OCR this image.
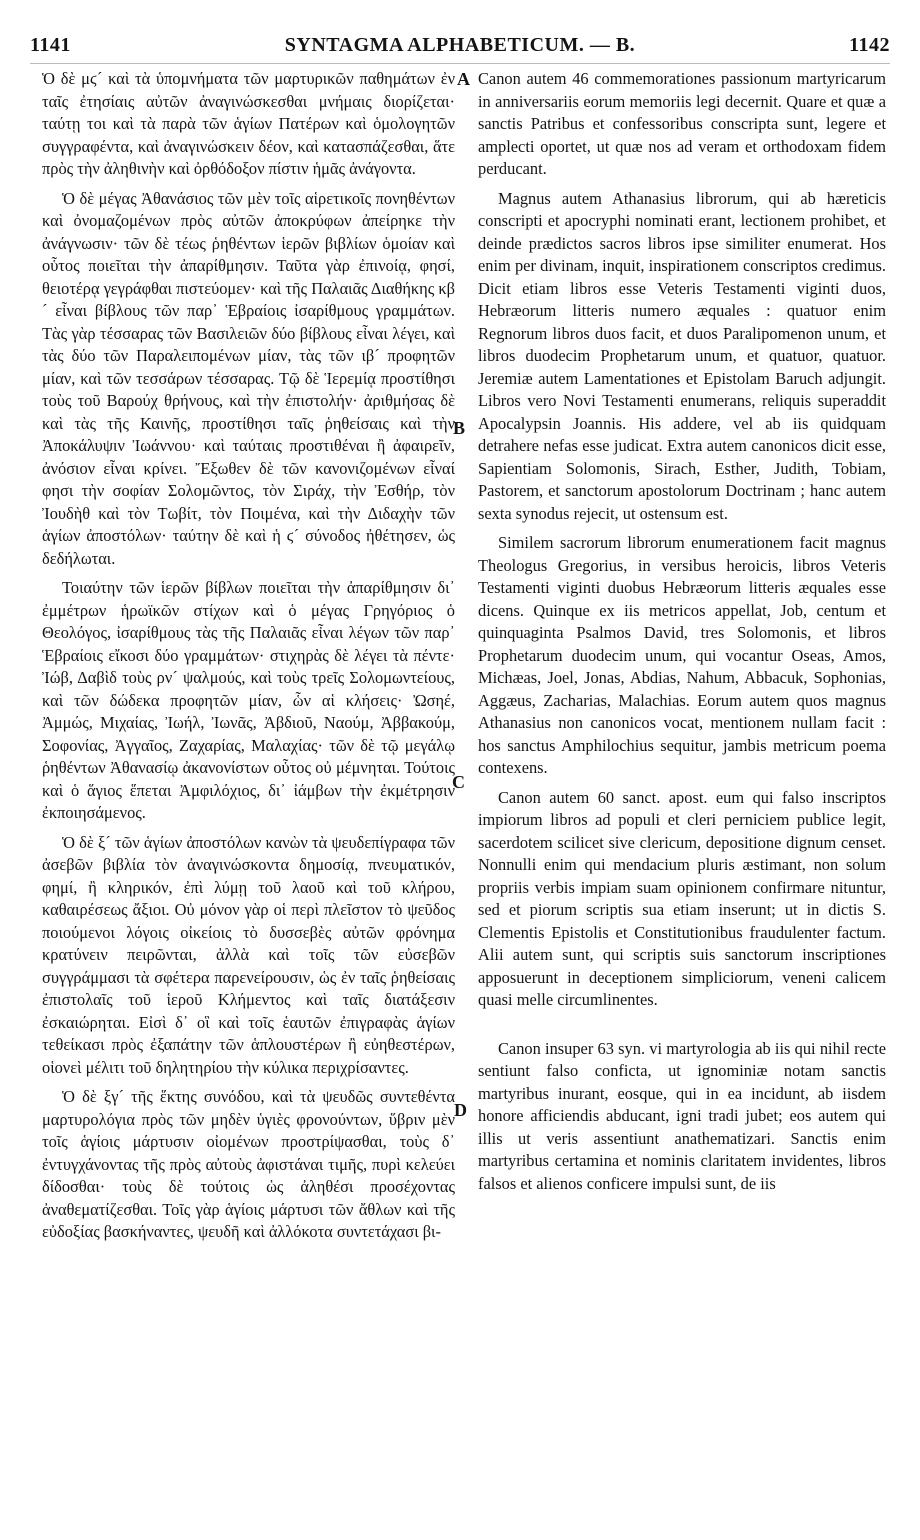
1141	SYNTAGMA ALPHABETICUM. — B.	1142

Ὁ δὲ μϛ´ καὶ τὰ ὑπομνήματα τῶν μαρτυρικῶν παθημάτων ἐν ταῖς ἐτησίαις αὐτῶν ἀναγινώσκεσθαι μνήμαις διορίζεται· ταύτῃ τοι καὶ τὰ παρὰ τῶν ἁγίων Πατέρων καὶ ὁμολογητῶν συγγραφέντα, καὶ ἀναγινώσκειν δέον, καὶ κατασπάζεσθαι, ἅτε πρὸς τὴν ἀληθινὴν καὶ ὀρθόδοξον πίστιν ἡμᾶς ἀνάγοντα.

Ὁ δὲ μέγας Ἀθανάσιος τῶν μὲν τοῖς αἱρετικοῖς πονηθέντων καὶ ὀνομαζομένων πρὸς αὐτῶν ἀποκρύφων ἀπείρηκε τὴν ἀνάγνωσιν· τῶν δὲ τέως ῥηθέντων ἱερῶν βιβλίων ὁμοίαν καὶ οὗτος ποιεῖται τὴν ἀπαρίθμησιν. Ταῦτα γὰρ ἐπινοίᾳ, φησί, θειοτέρᾳ γεγράφθαι πιστεύομεν· καὶ τῆς Παλαιᾶς Διαθήκης κβ´ εἶναι βίβλους τῶν παρ᾽ Ἑβραίοις ἰσαρίθμους γραμμάτων. Τὰς γὰρ τέσσαρας τῶν Βασιλειῶν δύο βίβλους εἶναι λέγει, καὶ τὰς δύο τῶν Παραλειπομένων μίαν, τὰς τῶν ιβ´ προφητῶν μίαν, καὶ τῶν τεσσάρων τέσσαρας. Τῷ δὲ Ἱερεμίᾳ προστίθησι τοὺς τοῦ Βαρούχ θρήνους, καὶ τὴν ἐπιστολήν· ἀριθμήσας δὲ καὶ τὰς τῆς Καινῆς, προστίθησι ταῖς ῥηθείσαις καὶ τὴν Ἀποκάλυψιν Ἰωάννου· καὶ ταύταις προστιθέναι ἢ ἀφαιρεῖν, ἀνόσιον εἶναι κρίνει. Ἔξωθεν δὲ τῶν κανονιζομένων εἶναί φησι τὴν σοφίαν Σολομῶντος, τὸν Σιράχ, τὴν Ἐσθήρ, τὸν Ἰουδὴθ καὶ τὸν Τωβίτ, τὸν Ποιμένα, καὶ τὴν Διδαχὴν τῶν ἁγίων ἀποστόλων· ταύτην δὲ καὶ ἡ ϛ´ σύνοδος ἠθέτησεν, ὡς δεδήλωται.

Τοιαύτην τῶν ἱερῶν βίβλων ποιεῖται τὴν ἀπαρίθμησιν δι᾽ ἐμμέτρων ἡρωϊκῶν στίχων καὶ ὁ μέγας Γρηγόριος ὁ Θεολόγος, ἰσαρίθμους τὰς τῆς Παλαιᾶς εἶναι λέγων τῶν παρ᾽ Ἑβραίοις εἴκοσι δύο γραμμάτων· στιχηρὰς δὲ λέγει τὰ πέντε· Ἰώβ, Δαβὶδ τοὺς ρν´ ψαλμούς, καὶ τοὺς τρεῖς Σολομωντείους, καὶ τῶν δώδεκα προφητῶν μίαν, ὧν αἱ κλήσεις· Ὠσηέ, Ἀμμώς, Μιχαίας, Ἰωήλ, Ἰωνᾶς, Ἀβδιοῦ, Ναούμ, Ἀββακούμ, Σοφονίας, Ἀγγαῖος, Ζαχαρίας, Μαλαχίας· τῶν δὲ τῷ μεγάλῳ ῥηθέντων Ἀθανασίῳ ἀκανονίστων οὗτος οὐ μέμνηται. Τούτοις καὶ ὁ ἅγιος ἕπεται Ἀμφιλόχιος, δι᾽ ἰάμβων τὴν ἐκμέτρησιν ἐκποιησάμενος.

Ὁ δὲ ξ´ τῶν ἁγίων ἀποστόλων κανὼν τὰ ψευδεπίγραφα τῶν ἀσεβῶν βιβλία τὸν ἀναγινώσκοντα δημοσίᾳ, πνευματικόν, φημί, ἢ κληρικόν, ἐπὶ λύμῃ τοῦ λαοῦ καὶ τοῦ κλήρου, καθαιρέσεως ἄξιοι. Οὐ μόνον γὰρ οἱ περὶ πλεῖστον τὸ ψεῦδος ποιούμενοι λόγοις οἰκείοις τὸ δυσσεβὲς αὐτῶν φρόνημα κρατύνειν πειρῶνται, ἀλλὰ καὶ τοῖς τῶν εὐσεβῶν συγγράμμασι τὰ σφέτερα παρενείρουσιν, ὡς ἐν ταῖς ῥηθείσαις ἐπιστολαῖς τοῦ ἱεροῦ Κλήμεντος καὶ ταῖς διατάξεσιν ἐσκαιώρηται. Εἰσὶ δ᾽ οἳ καὶ τοῖς ἑαυτῶν ἐπιγραφὰς ἁγίων τεθείκασι πρὸς ἐξαπάτην τῶν ἁπλουστέρων ἢ εὐηθεστέρων, οἱονεὶ μέλιτι τοῦ δηλητηρίου τὴν κύλικα περιχρίσαντες.

Ὁ δὲ ξγ´ τῆς ἕκτης συνόδου, καὶ τὰ ψευδῶς συντεθέντα μαρτυρολόγια πρὸς τῶν μηδὲν ὑγιὲς φρονούντων, ὕβριν μὲν τοῖς ἁγίοις μάρτυσιν οἰομένων προστρίψασθαι, τοὺς δ᾽ ἐντυγχάνοντας τῆς πρὸς αὐτοὺς ἀφιστάναι τιμῆς, πυρὶ κελεύει δίδοσθαι· τοὺς δὲ τούτοις ὡς ἀληθέσι προσέχοντας ἀναθεματίζεσθαι. Τοῖς γὰρ ἁγίοις μάρτυσι τῶν ἄθλων καὶ τῆς εὐδοξίας βασκήναντες, ψευδῆ καὶ ἀλλόκοτα συντετάχασι βι-

A
B
C
D

Canon autem 46 commemorationes passionum martyricarum in anniversariis eorum memoriis legi decernit. Quare et quæ a sanctis Patribus et confessoribus conscripta sunt, legere et amplecti oportet, ut quæ nos ad veram et orthodoxam fidem perducant.

Magnus autem Athanasius librorum, qui ab hæreticis conscripti et apocryphi nominati erant, lectionem prohibet, et deinde prædictos sacros libros ipse similiter enumerat. Hos enim per divinam, inquit, inspirationem conscriptos credimus. Dicit etiam libros esse Veteris Testamenti viginti duos, Hebræorum litteris numero æquales : quatuor enim Regnorum libros duos facit, et duos Paralipomenon unum, et libros duodecim Prophetarum unum, et quatuor, quatuor. Jeremiæ autem Lamentationes et Epistolam Baruch adjungit. Libros vero Novi Testamenti enumerans, reliquis superaddit Apocalypsin Joannis. His addere, vel ab iis quidquam detrahere nefas esse judicat. Extra autem canonicos dicit esse, Sapientiam Solomonis, Sirach, Esther, Judith, Tobiam, Pastorem, et sanctorum apostolorum Doctrinam ; hanc autem sexta synodus rejecit, ut ostensum est.

Similem sacrorum librorum enumerationem facit magnus Theologus Gregorius, in versibus heroicis, libros Veteris Testamenti viginti duobus Hebræorum litteris æquales esse dicens. Quinque ex iis metricos appellat, Job, centum et quinquaginta Psalmos David, tres Solomonis, et libros Prophetarum duodecim unum, qui vocantur Oseas, Amos, Michæas, Joel, Jonas, Abdias, Nahum, Abbacuk, Sophonias, Aggæus, Zacharias, Malachias. Eorum autem quos magnus Athanasius non canonicos vocat, mentionem nullam facit : hos sanctus Amphilochius sequitur, jambis metricum poema contexens.

Canon autem 60 sanct. apost. eum qui falso inscriptos impiorum libros ad populi et cleri perniciem publice legit, sacerdotem scilicet sive clericum, depositione dignum censet. Nonnulli enim qui mendacium pluris æstimant, non solum propriis verbis impiam suam opinionem confirmare nituntur, sed et piorum scriptis sua etiam inserunt; ut in dictis S. Clementis Epistolis et Constitutionibus fraudulenter factum. Alii autem sunt, qui scriptis suis sanctorum inscriptiones apposuerunt in deceptionem simpliciorum, veneni calicem quasi melle circumlinentes.

Canon insuper 63 syn. vi martyrologia ab iis qui nihil recte sentiunt falso conficta, ut ignominiæ notam sanctis martyribus inurant, eosque, qui in ea incidunt, ab iisdem honore afficiendis abducant, igni tradi jubet; eos autem qui illis ut veris assentiunt anathematizari. Sanctis enim martyribus certamina et nominis claritatem invidentes, libros falsos et alienos conficere impulsi sunt, de iis
